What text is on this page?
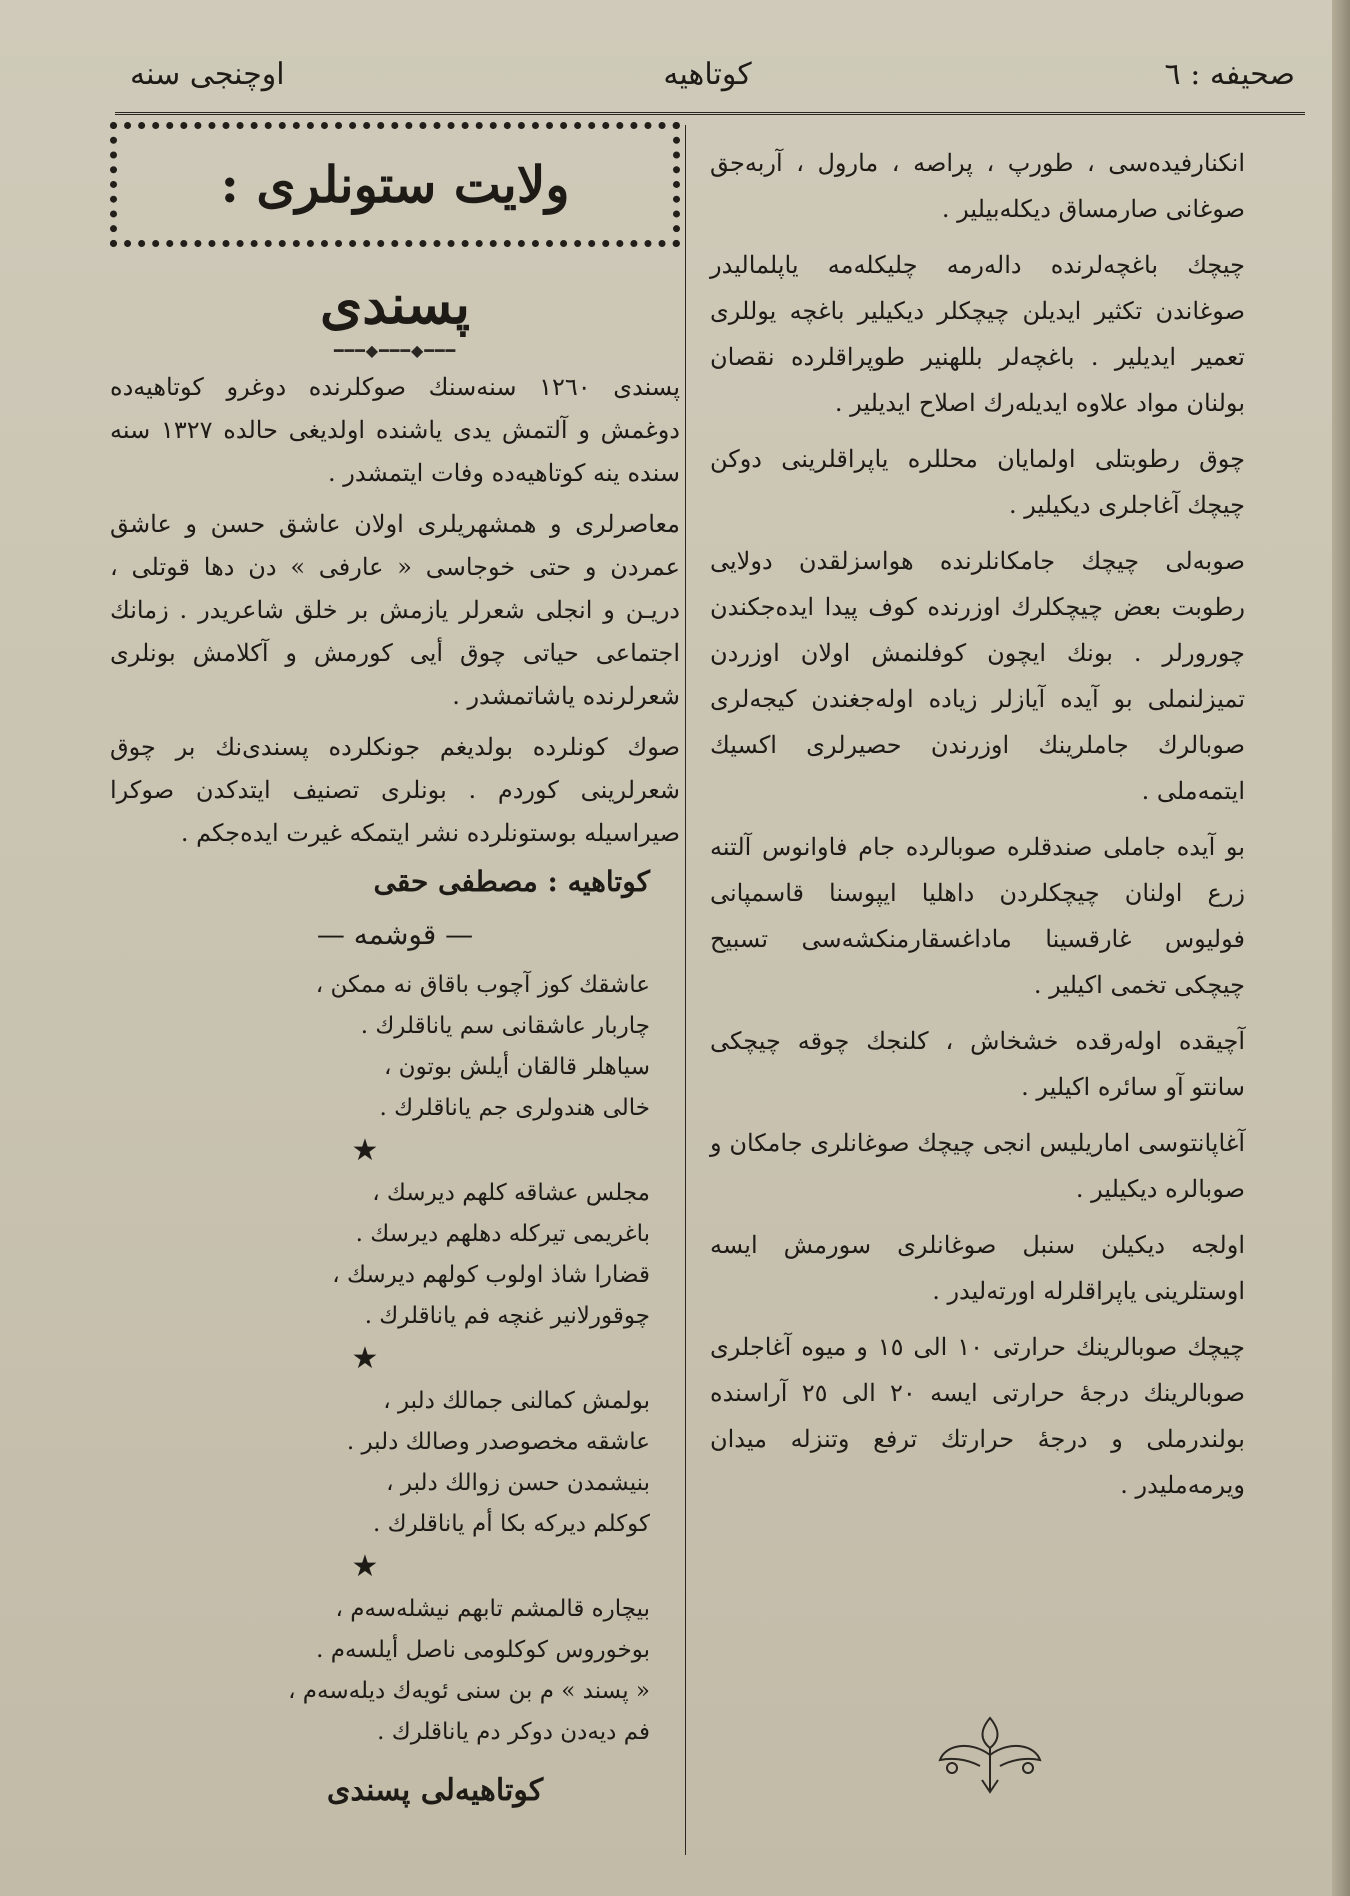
صحیفه : ٦
کوتاهیه
اوچنجی سنه

انکنارفیده‌سی ، طورپ ، پراصه ، مارول ، آربه‌جق صوغانی صارمساق دیکله‌بیلیر .

چیچك باغچه‌لرنده داله‌رمه چلیکله‌مه یاپلمالیدر صوغاندن تکثیر ایدیلن چیچکلر دیکیلیر باغچه یوللری تعمیر ایدیلیر . باغچه‌لر بللهنیر طوپراقلرده نقصان بولنان مواد علاوه ایدیله‌رك اصلاح ایدیلیر .

چوق رطوبتلی اولمایان محللره یاپراقلرینی دوکن چیچك آغاجلری دیکیلیر .

صوبه‌لی چیچك جامکانلرنده هواسزلقدن دولایی رطوبت بعض چیچکلرك اوزرنده کوف پیدا ایده‌جکندن چورورلر . بونك ایچون کوفلنمش اولان اوزردن تمیزلنملی بو آیده آیازلر زیاده اوله‌جغندن کیجه‌لری صوبالرك جاملرینك اوزرندن حصیرلری اکسیك ایتمه‌ملی .

بو آیده جاملی صندقلره صوبالرده جام فاوانوس آلتنه زرع اولنان چیچکلردن داهلیا ایپوسنا قاسمپانی فولیوس غارقسینا ماداغسقارمنکشه‌سی تسبیح چیچکی تخمی اکیلیر .

آچیقده اوله‌رقده خشخاش ، کلنجك چوقه چیچکی سانتو آو سائره اکیلیر .

آغاپانتوسی اماریلیس انجی چیچك صوغانلری جامکان و صوبالره دیکیلیر .

اولجه دیکیلن سنبل صوغانلری سورمش ایسه اوستلرینی یاپراقلرله اورته‌لیدر .

چیچك صوبالرینك حرارتی ١٠ الی ١٥ و میوه آغاجلری صوبالرینك درجهٔ حرارتی ایسه ٢٠ الی ٢٥ آراسنده بولندرملی و درجهٔ حرارتك ترفع وتنزله میدان ویرمه‌ملیدر .

ولایت ستونلری :
پسندی
━━━◆━━━◆━━━

پسندی ١٢٦٠ سنه‌سنك صوكلرنده دوغرو کوتاهیه‌ده دوغمش و آلتمش یدی یاشنده اولدیغی حالده ١٣٢٧ سنه سنده ینه کوتاهیه‌ده وفات ایتمشدر .

معاصرلری و همشهریلری اولان عاشق حسن و عاشق عمردن و حتی خوجاسی « عارفی » دن دها قوتلی ، دریـن و انجلی شعرلر یازمش بر خلق شاعریدر . زمانك اجتماعی حیاتی چوق أیی کورمش و آکلامش بونلری شعرلرنده یاشاتمشدر .

صوك کونلرده بولدیغم جونکلرده پسندی‌نك بر چوق شعرلرینی کوردم . بونلری تصنیف ایتدکدن صوکرا صیراسیله بوستونلرده نشر ایتمکه غیرت ایده‌جکم .

کوتاهیه : مصطفی حقی
— قوشمه —
عاشقك کوز آچوب باقاق نه ممکن ،
چاربار عاشقانی سم یاناقلرك .
سیاهلر قالقان أیلش بوتون ،
خالی هندولری جم یاناقلرك .
★
مجلس عشاقه کلهم دیرسك ،
باغریمی تیرکله دهلهم دیرسك .
قضارا شاذ اولوب کولهم دیرسك ،
چوقورلانیر غنچه فم یاناقلرك .
★
بولمش کمالنی جمالك دلبر ،
عاشقه مخصوصدر وصالك دلبر .
بنیشمدن حسن زوالك دلبر ،
کوکلم دیرکه بکا أم یاناقلرك .
★
بیچاره قالمشم تابهم نیشله‌سه‌م ،
بوخوروس کوکلومی ناصل أیلسه‌م .
« پسند » م بن سنی ئویه‌ك دیله‌سه‌م ،
فم دیه‌دن دوکر دم یاناقلرك .
کوتاهیه‌لی پسندی
